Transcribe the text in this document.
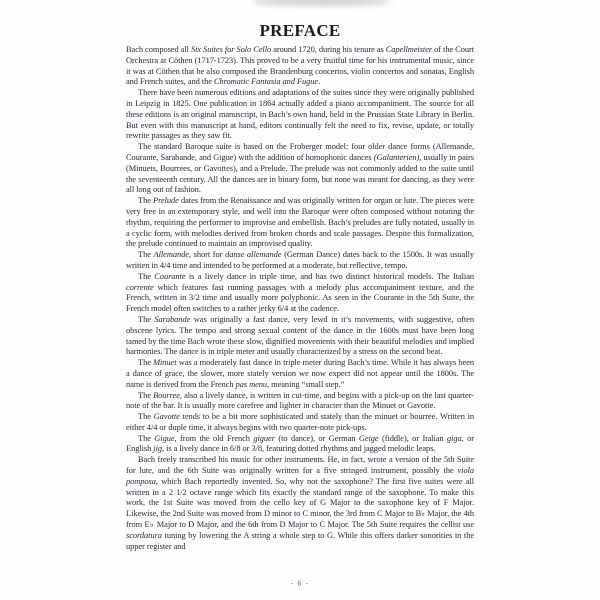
PREFACE

Bach composed all Six Suites for Solo Cello around 1720, during his tenure as Capellmeister of the Court Orchestra at Cöthen (1717-1723). This proved to be a very fruitful time for his instrumental music, since it was at Cöthen that he also composed the Brandenburg concertos, violin concertos and sonatas, English and French suites, and the Chromatic Fantasia and Fugue.

There have been numerous editions and adaptations of the suites since they were originally published in Leipzig in 1825. One publication in 1864 actually added a piano accompaniment. The source for all these editions is an original manuscript, in Bach’s own hand, held in the Prussian State Library in Berlin. But even with this manuscript at hand, editors continually felt the need to fix, revise, update, or totally rewrite passages as they saw fit.

The standard Baroque suite is based on the Froberger model: four older dance forms (Allemande, Courante, Sarabande, and Gigue) with the addition of homophonic dances (Galanterien), usually in pairs (Minuets, Bourrees, or Gavottes), and a Prelude. The prelude was not commonly added to the suite until the seventeenth century. All the dances are in binary form, but none was meant for dancing, as they were all long out of fashion.

The Prelude dates from the Renaissance and was originally written for organ or lute. The pieces were very free in an extemporary style, and well into the Baroque were often composed without notating the rhythm, requiring the performer to improvise and embellish. Bach’s preludes are fully notated, usually in a cyclic form, with melodies derived from broken chords and scale passages. Despite this formalization, the prelude continued to maintain an improvised quality.

The Allemande, short for danse allemande (German Dance) dates back to the 1500s. It was usually written in 4/4 time and intended to be performed at a moderate, but reflective, tempo.

The Courante is a lively dance in triple time, and has two distinct historical models. The Italian corrente which features fast running passages with a melody plus accompaniment texture, and the French, written in 3/2 time and usually more polyphonic. As seen in the Courante in the 5th Suite, the French model often switches to a rather jerky 6/4 at the cadence.

The Sarabande was originally a fast dance, very lewd in it’s movements, with suggestive, often obscene lyrics. The tempo and strong sexual content of the dance in the 1600s must have been long tamed by the time Bach wrote these slow, dignified movements with their beautiful melodies and implied harmonies. The dance is in triple meter and usually characterized by a stress on the second beat.

The Minuet was a moderately fast dance in triple meter during Bach’s time. While it has always been a dance of grace, the slower, more stately version we now expect did not appear until the 1800s. The name is derived from the French pas menu, meaning “small step.”

The Bourree, also a lively dance, is written in cut-time, and begins with a pick-up on the last quarter-note of the bar. It is usually more carefree and lighter in character than the Minuet or Gavotte.

The Gavotte tends to be a bit more sophisticated and stately than the minuet or bourree. Written in either 4/4 or duple time, it always begins with two quarter-note pick-ups.

The Gigue, from the old French giguer (to dance), or German Geige (fiddle), or Italian giga, or English jig, is a lively dance in 6/8 or 3/8, featuring dotted rhythms and jagged melodic leaps.

Bach freely transcribed his music for other instruments. He, in fact, wrote a version of the 5th Suite for lute, and the 6th Suite was originally written for a five stringed instrument, possibly the viola pomposa, which Bach reportedly invented. So, why not the saxophone? The first five suites were all written in a 2 1/2 octave range which fits exactly the standard range of the saxophone. To make this work, the 1st Suite was moved from the cello key of G Major to the saxophone key of F Major. Likewise, the 2nd Suite was moved from D minor to C minor, the 3rd from C Major to B♭ Major, the 4th from E♭ Major to D Major, and the 6th from D Major to C Major. The 5th Suite requires the cellist use scordatura tuning by lowering the A string a whole step to G. While this offers darker sonorities in the upper register and

- 6 -
